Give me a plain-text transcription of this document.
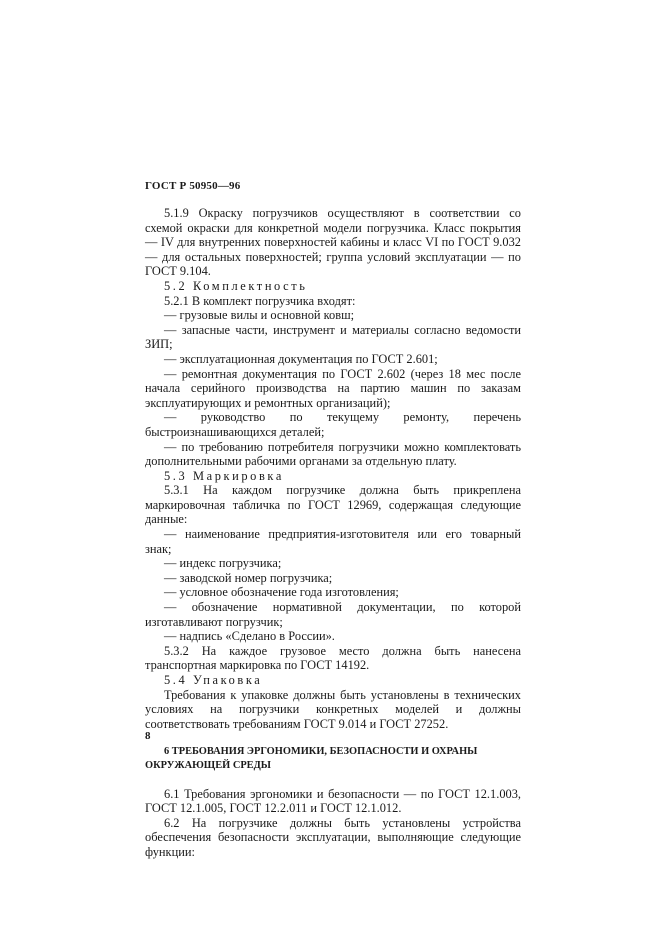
ГОСТ Р 50950—96

5.1.9 Окраску погрузчиков осуществляют в соответствии со схемой окраски для конкретной модели погрузчика. Класс покрытия — IV для внутренних поверхностей кабины и класс VI по ГОСТ 9.032 — для остальных поверхностей; группа условий эксплуатации — по ГОСТ 9.104.

5.2 Комплектность

5.2.1 В комплект погрузчика входят:

— грузовые вилы и основной ковш;

— запасные части, инструмент и материалы согласно ведомости ЗИП;

— эксплуатационная документация по ГОСТ 2.601;

— ремонтная документация по ГОСТ 2.602 (через 18 мес после начала серийного производства на партию машин по заказам эксплуатирующих и ремонтных организаций);

— руководство по текущему ремонту, перечень быстроизнашивающихся деталей;

— по требованию потребителя погрузчики можно комплектовать дополнительными рабочими органами за отдельную плату.

5.3 Маркировка

5.3.1 На каждом погрузчике должна быть прикреплена маркировочная табличка по ГОСТ 12969, содержащая следующие данные:

— наименование предприятия-изготовителя или его товарный знак;

— индекс погрузчика;

— заводской номер погрузчика;

— условное обозначение года изготовления;

— обозначение нормативной документации, по которой изготавливают погрузчик;

— надпись «Сделано в России».

5.3.2 На каждое грузовое место должна быть нанесена транспортная маркировка по ГОСТ 14192.

5.4 Упаковка

Требования к упаковке должны быть установлены в технических условиях на погрузчики конкретных моделей и должны соответствовать требованиям ГОСТ 9.014 и ГОСТ 27252.

6 ТРЕБОВАНИЯ ЭРГОНОМИКИ, БЕЗОПАСНОСТИ И ОХРАНЫ ОКРУЖАЮЩЕЙ СРЕДЫ

6.1 Требования эргономики и безопасности — по ГОСТ 12.1.003, ГОСТ 12.1.005, ГОСТ 12.2.011 и ГОСТ 12.1.012.

6.2 На погрузчике должны быть установлены устройства обеспечения безопасности эксплуатации, выполняющие следующие функции:

8
